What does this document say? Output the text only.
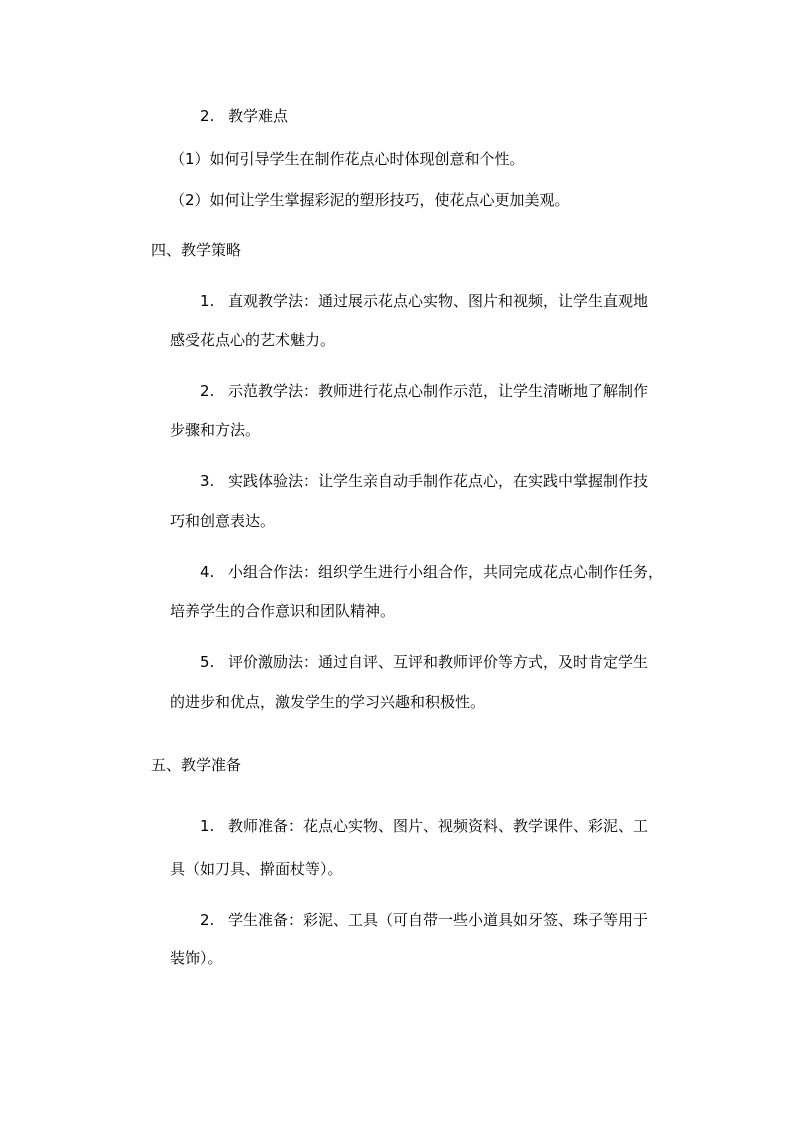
2. 教学难点
（1）如何引导学生在制作花点心时体现创意和个性。
（2）如何让学生掌握彩泥的塑形技巧，使花点心更加美观。
四、教学策略
1. 直观教学法：通过展示花点心实物、图片和视频，让学生直观地
感受花点心的艺术魅力。
2. 示范教学法：教师进行花点心制作示范，让学生清晰地了解制作
步骤和方法。
3. 实践体验法：让学生亲自动手制作花点心，在实践中掌握制作技
巧和创意表达。
4. 小组合作法：组织学生进行小组合作，共同完成花点心制作任务，
培养学生的合作意识和团队精神。
5. 评价激励法：通过自评、互评和教师评价等方式，及时肯定学生
的进步和优点，激发学生的学习兴趣和积极性。
五、教学准备
1. 教师准备：花点心实物、图片、视频资料、教学课件、彩泥、工
具（如刀具、擀面杖等）。
2. 学生准备：彩泥、工具（可自带一些小道具如牙签、珠子等用于
装饰）。
